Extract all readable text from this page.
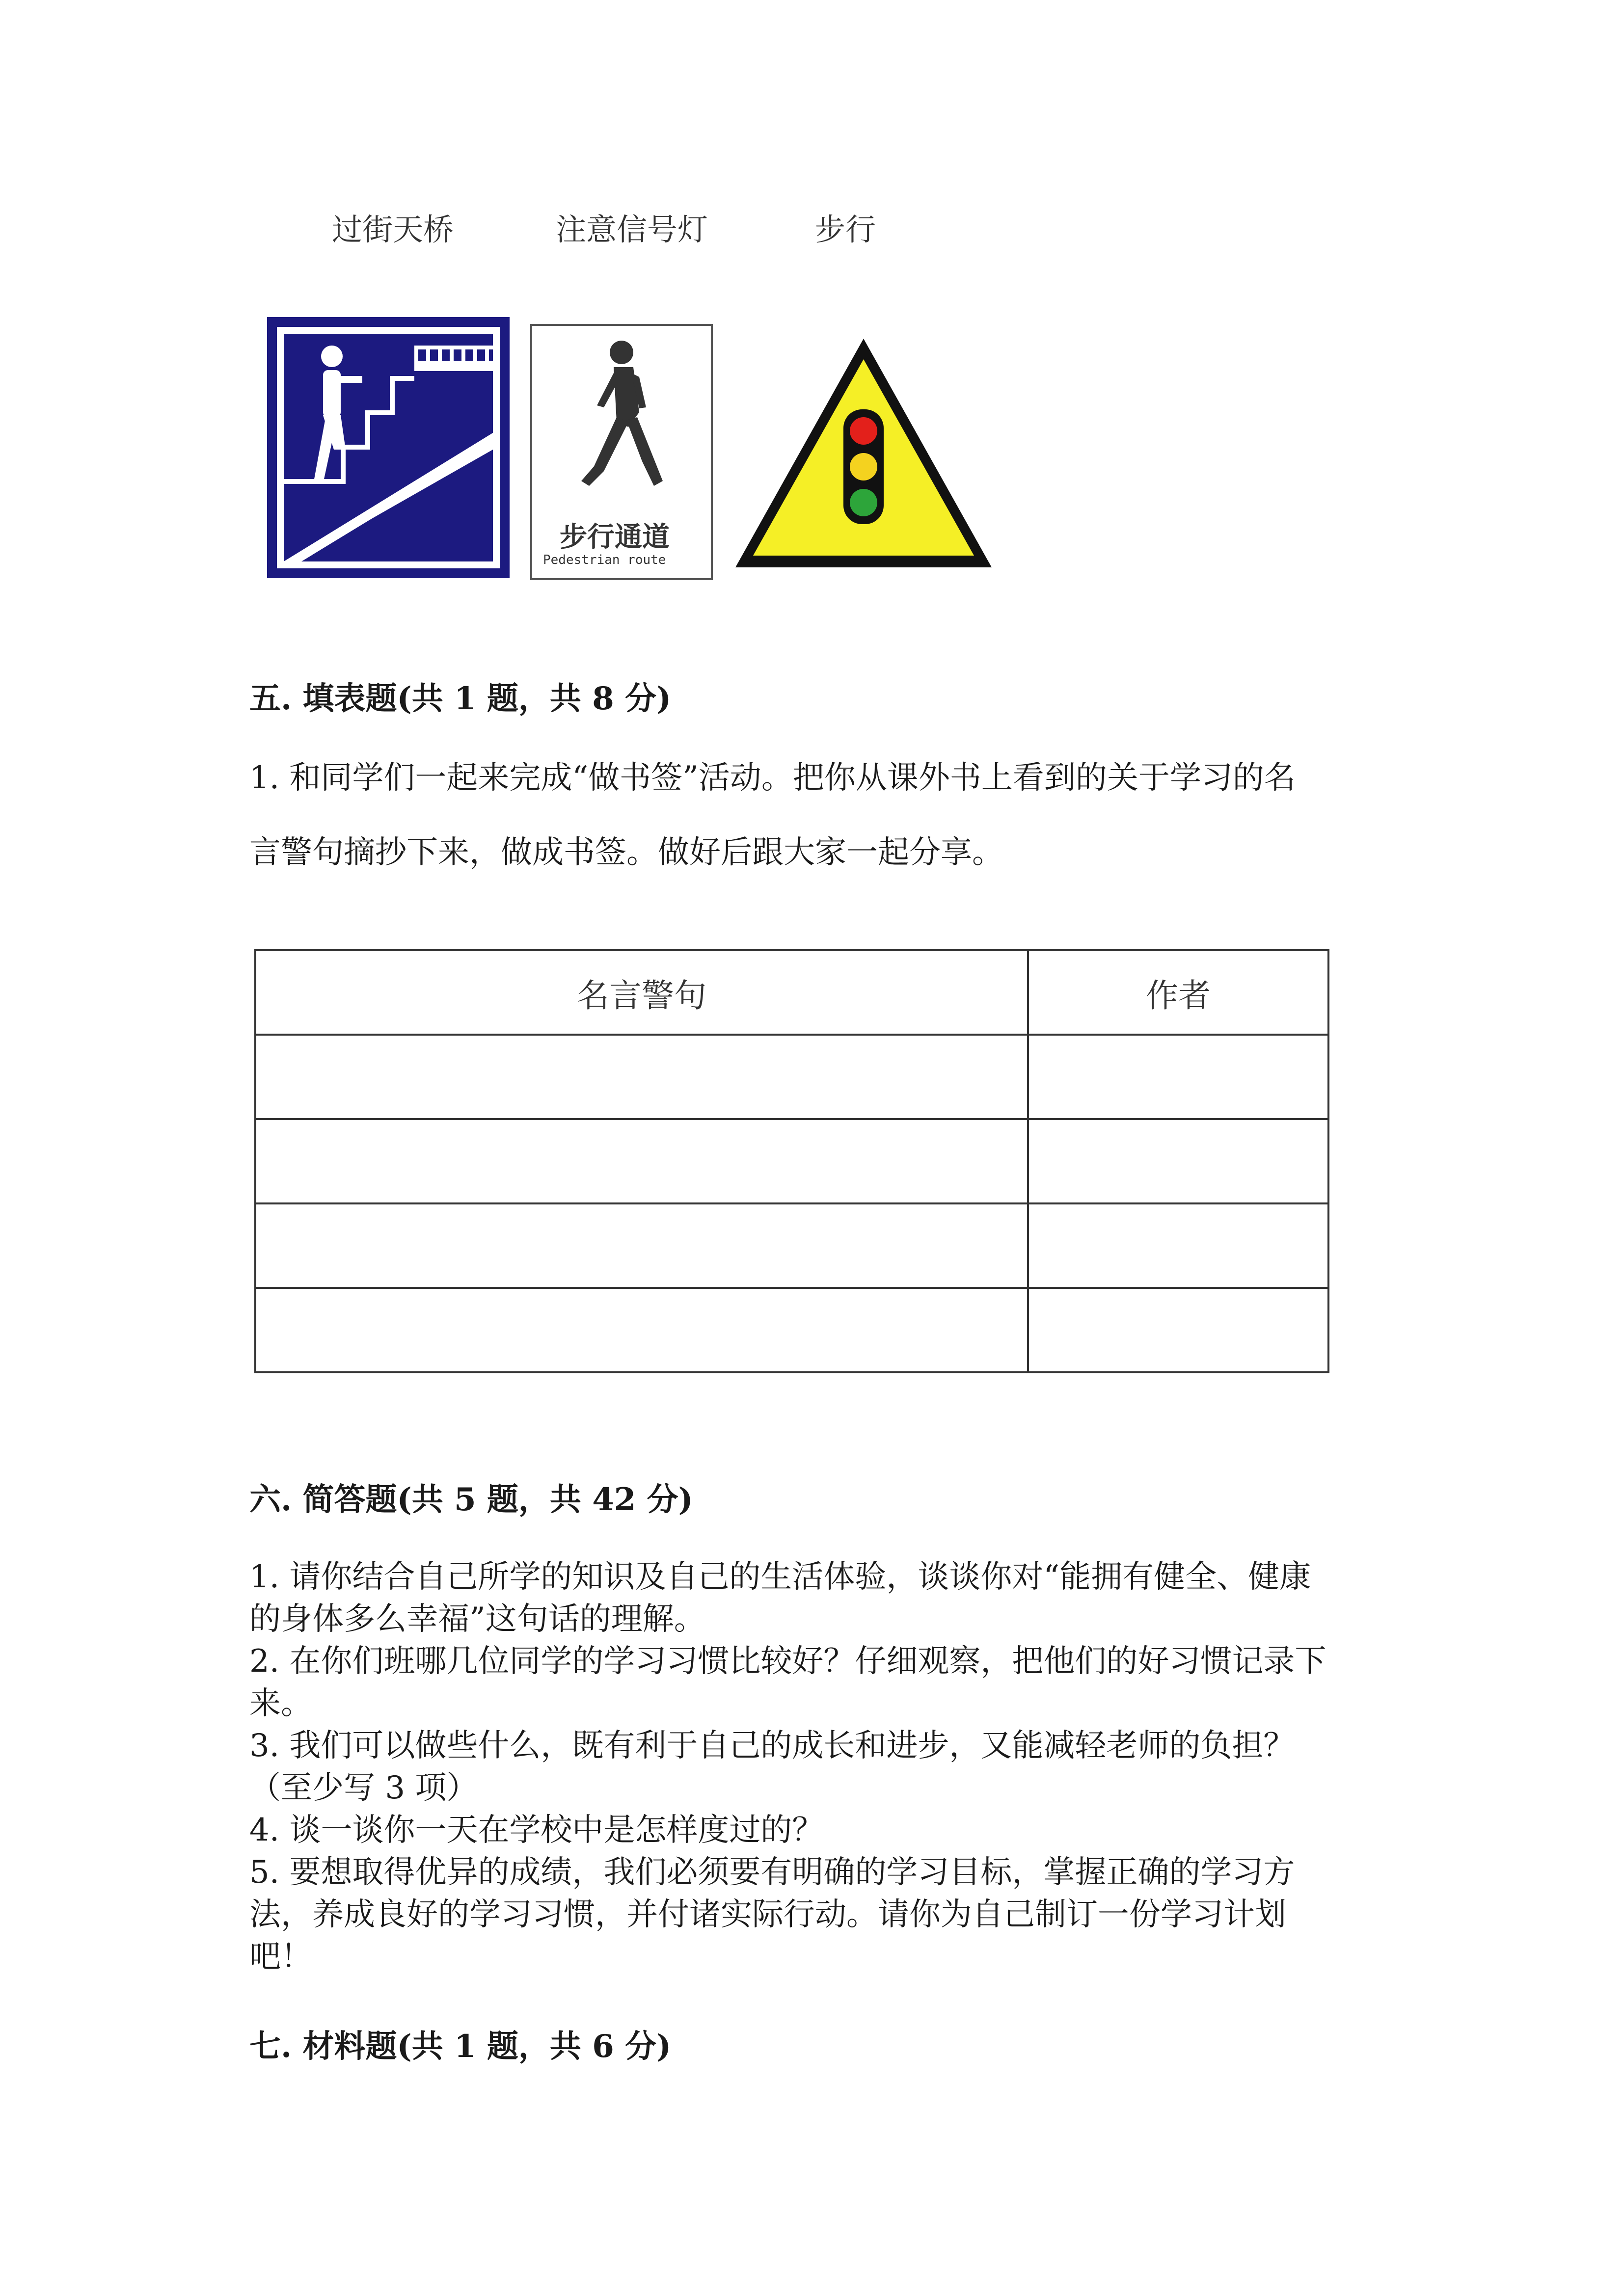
过街天桥	注意信号灯	步行
步行通道
Pedestrian route
五. 填表题(共 1 题，共 8 分)
1. 和同学们一起来完成“做书签”活动。把你从课外书上看到的关于学习的名
言警句摘抄下来，做成书签。做好后跟大家一起分享。
名言警句	作者

六. 简答题(共 5 题，共 42 分)
1. 请你结合自己所学的知识及自己的生活体验，谈谈你对“能拥有健全、健康
的身体多么幸福”这句话的理解。
2. 在你们班哪几位同学的学习习惯比较好？仔细观察，把他们的好习惯记录下
来。
3. 我们可以做些什么，既有利于自己的成长和进步，又能减轻老师的负担？
（至少写 3 项）
4. 谈一谈你一天在学校中是怎样度过的？
5. 要想取得优异的成绩，我们必须要有明确的学习目标，掌握正确的学习方
法，养成良好的学习习惯，并付诸实际行动。请你为自己制订一份学习计划
吧！
七. 材料题(共 1 题，共 6 分)
